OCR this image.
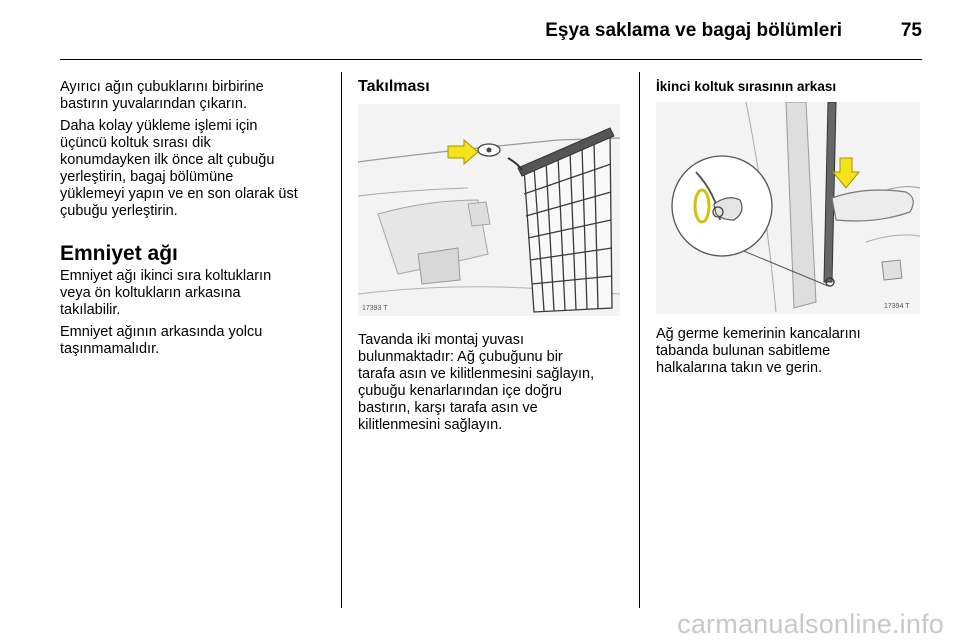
Eşya saklama ve bagaj bölümleri	75

Ayırıcı ağın çubuklarını birbirine
bastırın yuvalarından çıkarın.

Daha kolay yükleme işlemi için
üçüncü koltuk sırası dik
konumdayken ilk önce alt çubuğu
yerleştirin, bagaj bölümüne
yüklemeyi yapın ve en son olarak üst
çubuğu yerleştirin.

Emniyet ağı

Emniyet ağı ikinci sıra koltukların
veya ön koltukların arkasına
takılabilir.

Emniyet ağının arkasında yolcu
taşınmamalıdır.

Takılması
17393 T

Tavanda iki montaj yuvası
bulunmaktadır: Ağ çubuğunu bir
tarafa asın ve kilitlenmesini sağlayın,
çubuğu kenarlarından içe doğru
bastırın, karşı tarafa asın ve
kilitlenmesini sağlayın.

İkinci koltuk sırasının arkası
17394 T

Ağ germe kemerinin kancalarını
tabanda bulunan sabitleme
halkalarına takın ve gerin.

carmanualsonline.info
